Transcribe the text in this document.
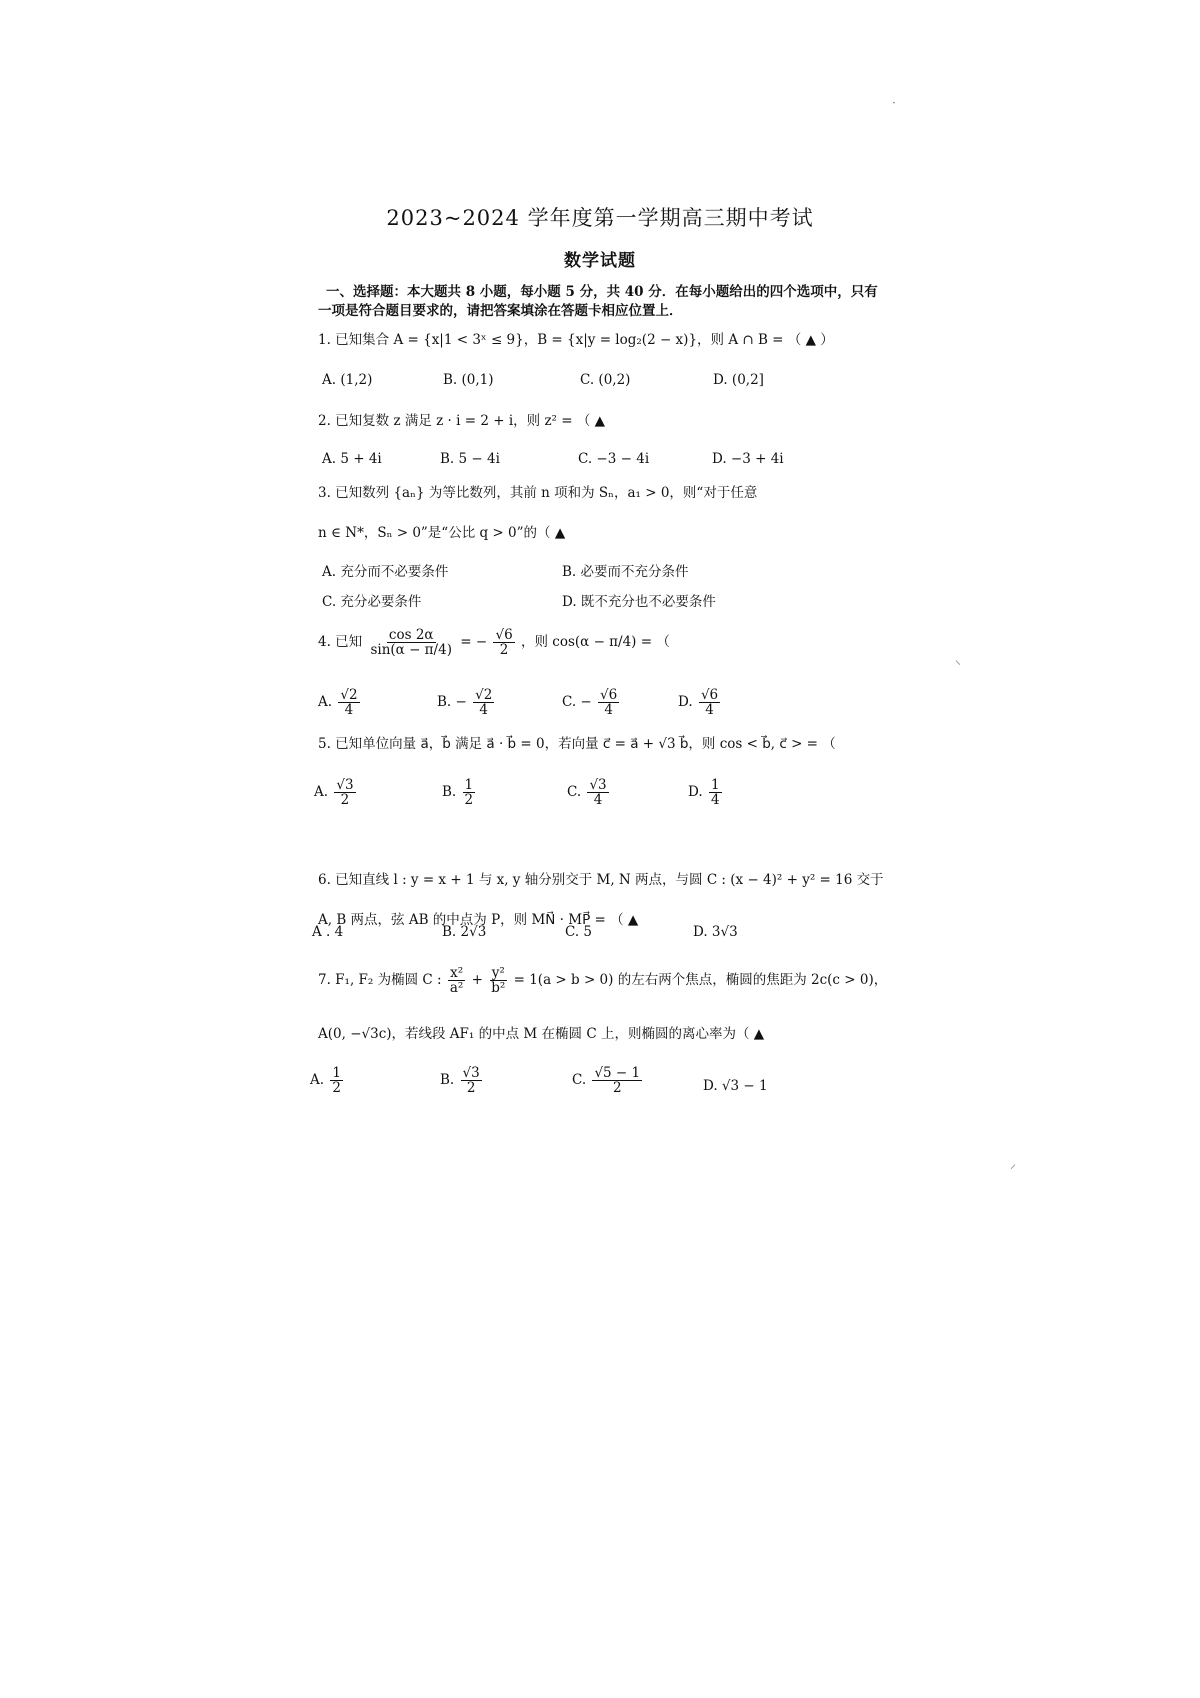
2023~2024 学年度第一学期高三期中考试
数学试题
一、选择题：本大题共 8 小题，每小题 5 分，共 40 分．在每小题给出的四个选项中，只有
一项是符合题目要求的，请把答案填涂在答题卡相应位置上．
1. 已知集合 A = {x|1 < 3ˣ ≤ 9}，B = {x|y = log₂(2 − x)}，则 A ∩ B = （ ▲ ）
A. (1,2)	B. (0,1)	C. (0,2)	D. (0,2]
2. 已知复数 z 满足 z · i = 2 + i，则 z² = （ ▲
A. 5 + 4i	B. 5 − 4i	C. −3 − 4i	D. −3 + 4i
3. 已知数列 {aₙ} 为等比数列，其前 n 项和为 Sₙ，a₁ > 0，则“对于任意
n ∈ N*，Sₙ > 0”是“公比 q > 0”的（ ▲
A. 充分而不必要条件	B. 必要而不充分条件
C. 充分必要条件	D. 既不充分也不必要条件
4. 已知 $\frac{\cos 2\alpha}{\sin(\alpha - \pi/4)}$ = − $\frac{√6}{2}$ ，则 cos(α − π/4) = （
A. $\frac{√2}{4}$	B. − $\frac{√2}{4}$	C. − $\frac{√6}{4}$	D. $\frac{√6}{4}$
5. 已知单位向量 a⃗，b⃗ 满足 a⃗ · b⃗ = 0，若向量 c⃗ = a⃗ + √3 b⃗，则 cos < b⃗, c⃗ > = （
A. $\frac{√3}{2}$	B. $\frac{1}{2}$	C. $\frac{√3}{4}$	D. $\frac{1}{4}$
6. 已知直线 l : y = x + 1 与 x, y 轴分别交于 M, N 两点，与圆 C : (x − 4)² + y² = 16 交于
A, B 两点，弦 AB 的中点为 P，则 MN⃗ · MP⃗ = （ ▲
A . 4	B. 2√3	C. 5	D. 3√3
7. F₁, F₂ 为椭圆 C : $\frac{\text{x²}}{\text{a²}} + \frac{\text{y²}}{\text{b²}} = 1(a > b > 0)$ 的左右两个焦点，椭圆的焦距为 2c(c > 0)，
A(0, −√3c)，若线段 AF₁ 的中点 M 在椭圆 C 上，则椭圆的离心率为（ ▲
A. $\frac{1}{2}$	B. $\frac{√3}{2}$	C. $\frac{√5 - 1}{2}$	D. √3 − 1
·
⸌
⸍
